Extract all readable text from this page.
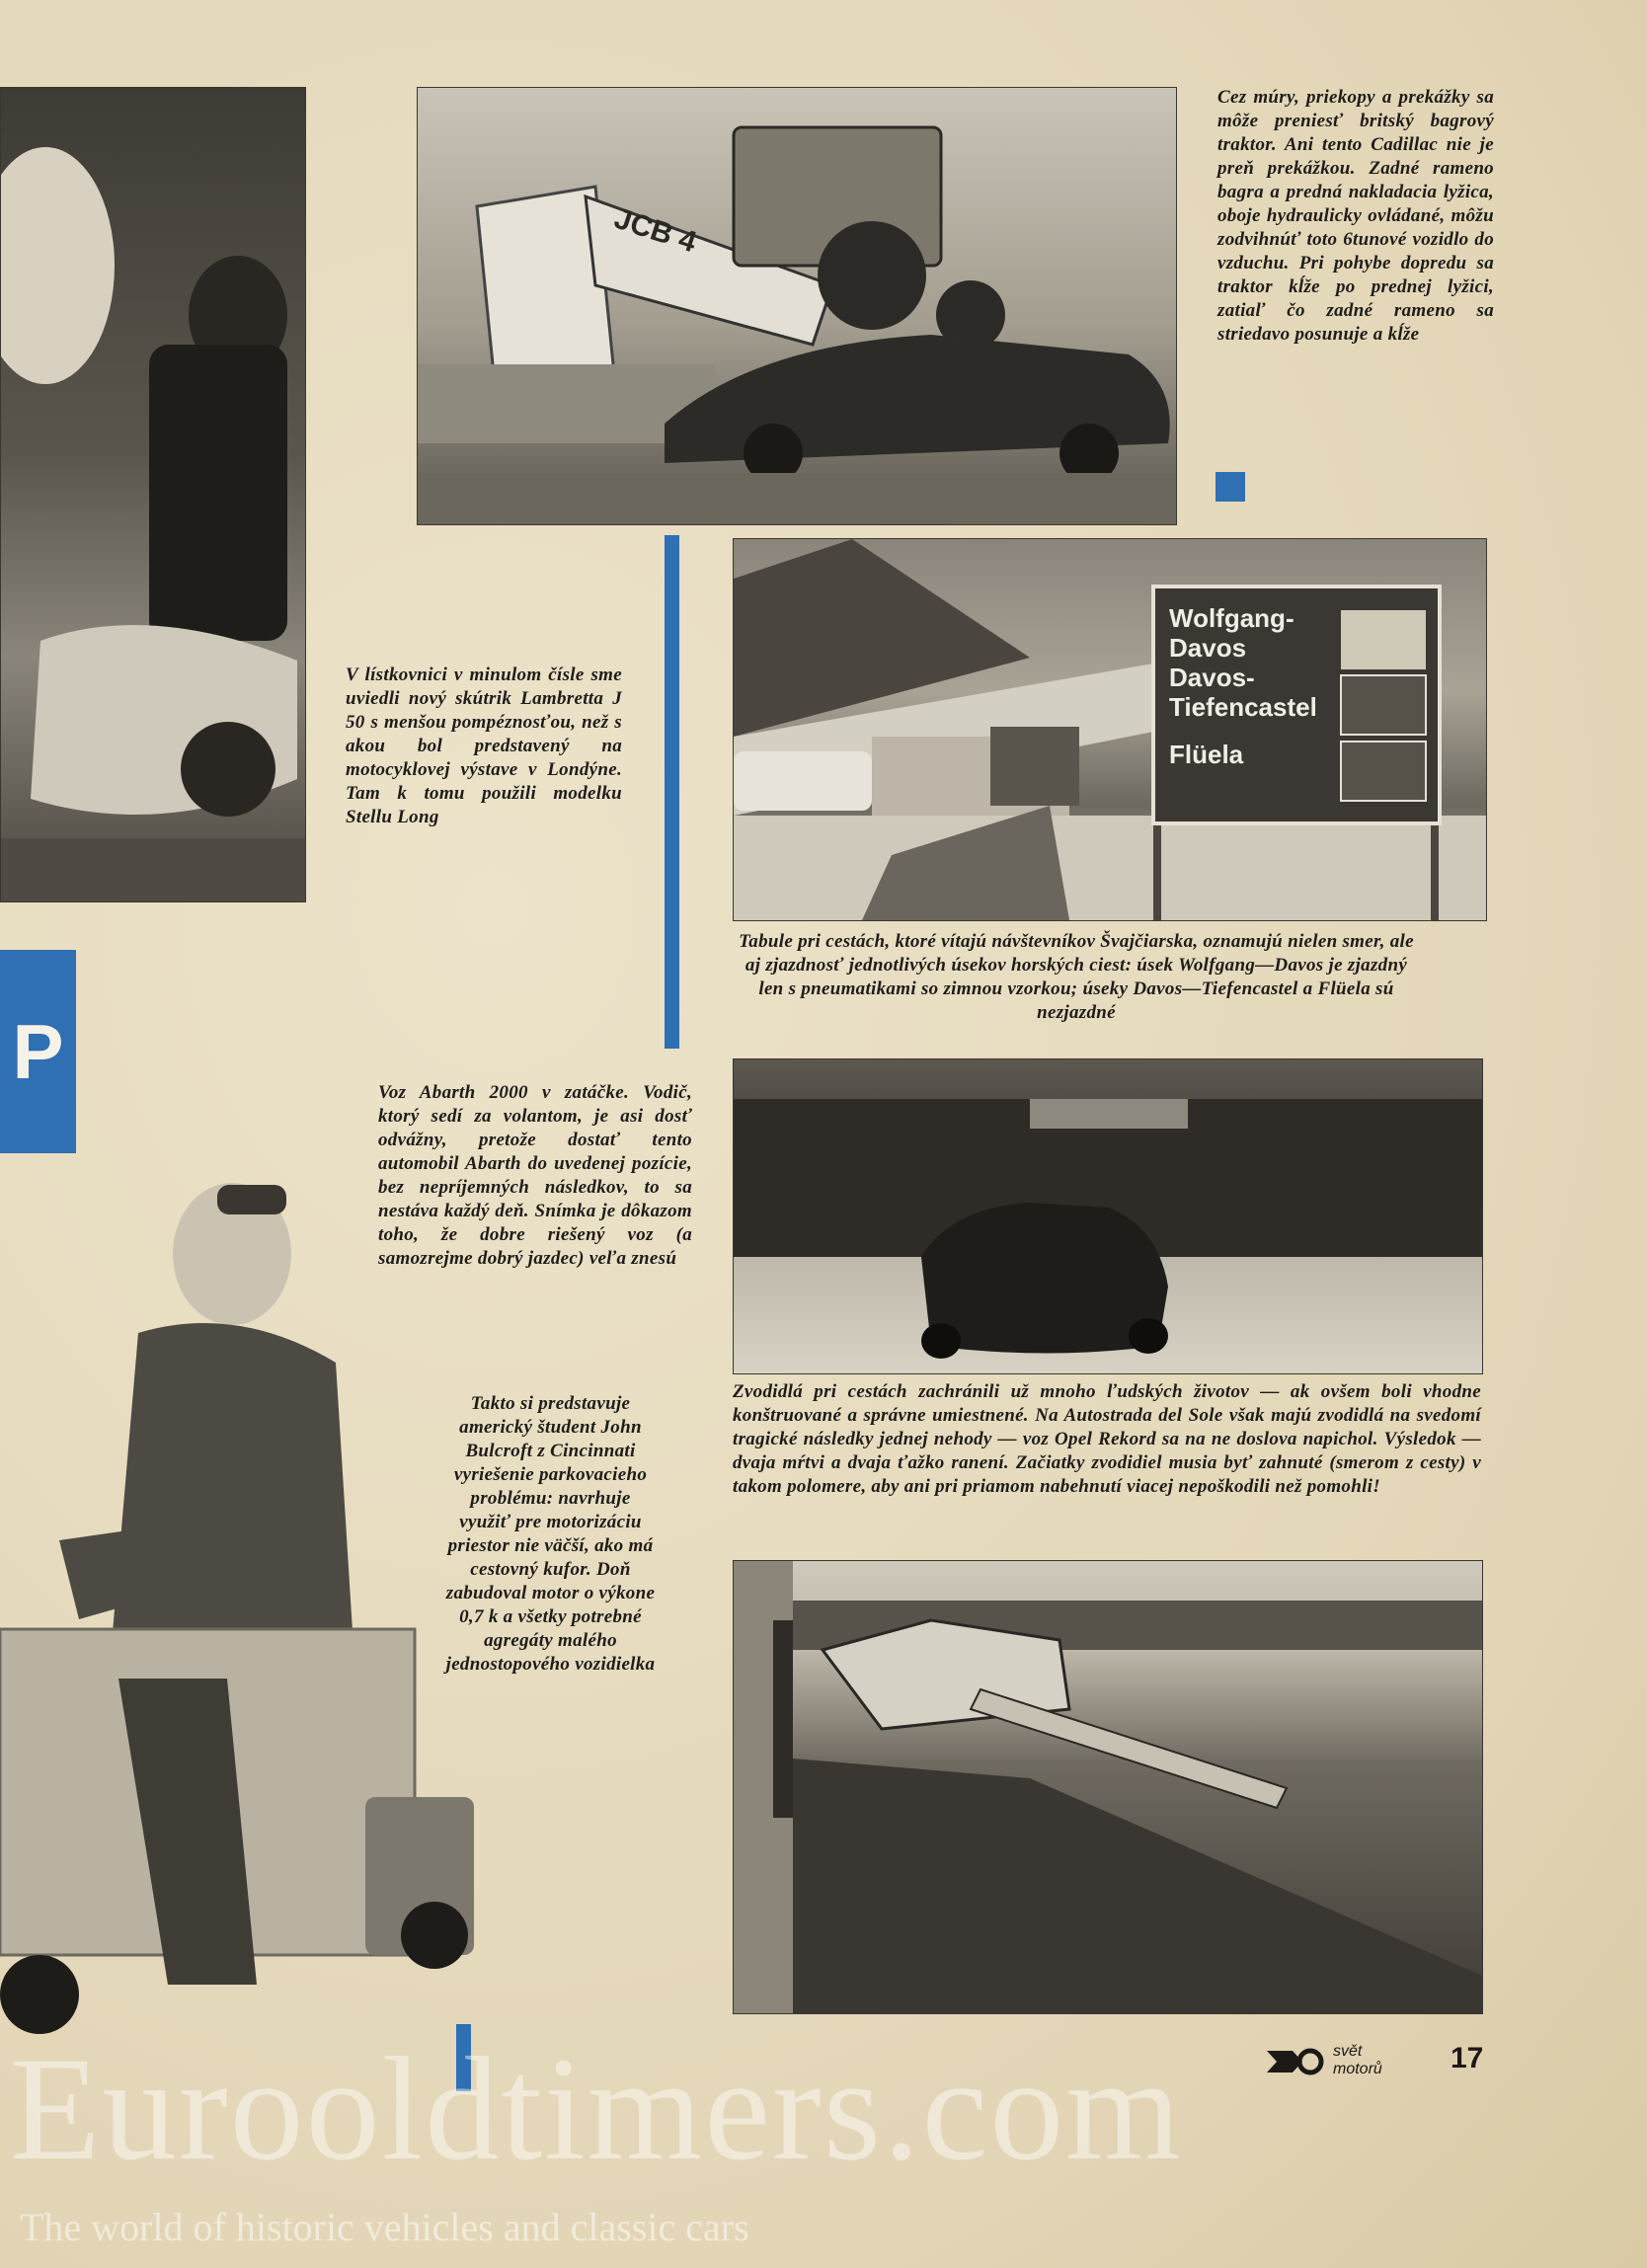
P
JCB 4
Cez múry, priekopy a prekážky sa môže preniesť britský bagrový traktor. Ani tento Cadillac nie je preň prekážkou. Zadné rameno bagra a predná nakladacia lyžica, oboje hydraulicky ovládané, môžu zodvihnúť toto 6tunové vozidlo do vzduchu. Pri pohybe dopredu sa traktor kĺže po prednej lyžici, zatiaľ čo zadné rameno sa striedavo posunuje a kĺže
V lístkovnici v minulom čísle sme uviedli nový skútrik Lambretta J 50 s menšou pompéznosťou, než s akou bol predstavený na motocyklovej výstave v Londýne. Tam k tomu použili modelku Stellu Long
Wolfgang-
Davos
Davos-
Tiefencastel
Flüela
Tabule pri cestách, ktoré vítajú návštevníkov Švajčiarska, oznamujú nielen smer, ale aj zjazdnosť jednotlivých úsekov horských ciest: úsek Wolfgang—Davos je zjazdný len s pneumatikami so zimnou vzorkou; úseky Davos—Tiefencastel a Flüela sú nezjazdné
Voz Abarth 2000 v zatáčke. Vodič, ktorý sedí za volantom, je asi dosť odvážny, pretože dostať tento automobil Abarth do uvedenej pozície, bez nepríjemných následkov, to sa nestáva každý deň. Snímka je dôkazom toho, že dobre riešený voz (a samozrejme dobrý jazdec) veľa znesú
Takto si predstavuje americký študent John Bulcroft z Cincinnati vyriešenie parkovacieho problému: navrhuje využiť pre motorizáciu priestor nie väčší, ako má cestovný kufor. Doň zabudoval motor o výkone 0,7 k a všetky potrebné agregáty malého jednostopového vozidielka
Zvodidlá pri cestách zachránili už mnoho ľudských životov — ak ovšem boli vhodne konštruované a správne umiestnené. Na Autostrada del Sole však majú zvodidlá na svedomí tragické následky jednej nehody — voz Opel Rekord sa na ne doslova napichol. Výsledok — dvaja mŕtvi a dvaja ťažko ranení. Začiatky zvodidiel musia byť zahnuté (smerom z cesty) v takom polomere, aby ani pri priamom nabehnutí viacej nepoškodili než pomohli!
svět
motorů 17
Eurooldtimers.com
The world of historic vehicles and classic cars
